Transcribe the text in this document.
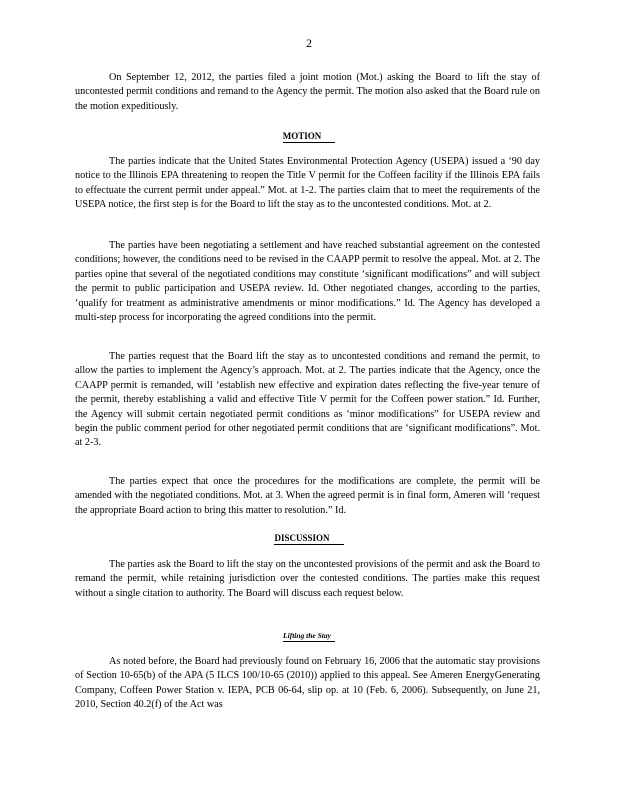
2

On September 12, 2012, the parties filed a joint motion (Mot.) asking the Board to lift the stay of uncontested permit conditions and remand to the Agency the permit. The motion also asked that the Board rule on the motion expeditiously.

MOTION

The parties indicate that the United States Environmental Protection Agency (USEPA) issued a ‘90 day notice to the Illinois EPA threatening to reopen the Title V permit for the Coffeen facility if the Illinois EPA fails to effectuate the current permit under appeal.” Mot. at 1-2. The parties claim that to meet the requirements of the USEPA notice, the first step is for the Board to lift the stay as to the uncontested conditions. Mot. at 2.

The parties have been negotiating a settlement and have reached substantial agreement on the contested conditions; however, the conditions need to be revised in the CAAPP permit to resolve the appeal. Mot. at 2. The parties opine that several of the negotiated conditions may constitute ‘significant modifications” and will subject the permit to public participation and USEPA review. Id. Other negotiated changes, according to the parties, ‘qualify for treatment as administrative amendments or minor modifications.” Id. The Agency has developed a multi-step process for incorporating the agreed conditions into the permit.

The parties request that the Board lift the stay as to uncontested conditions and remand the permit, to allow the parties to implement the Agency’s approach. Mot. at 2. The parties indicate that the Agency, once the CAAPP permit is remanded, will ‘establish new effective and expiration dates reflecting the five-year tenure of the permit, thereby establishing a valid and effective Title V permit for the Coffeen power station.” Id. Further, the Agency will submit certain negotiated permit conditions as ‘minor modifications” for USEPA review and begin the public comment period for other negotiated permit conditions that are ‘significant modifications”. Mot. at 2-3.

The parties expect that once the procedures for the modifications are complete, the permit will be amended with the negotiated conditions. Mot. at 3. When the agreed permit is in final form, Ameren will ‘request the appropriate Board action to bring this matter to resolution.” Id.

DISCUSSION

The parties ask the Board to lift the stay on the uncontested provisions of the permit and ask the Board to remand the permit, while retaining jurisdiction over the contested conditions. The parties make this request without a single citation to authority. The Board will discuss each request below.

Lifting the Stay

As noted before, the Board had previously found on February 16, 2006 that the automatic stay provisions of Section 10-65(b) of the APA (5 ILCS 100/10-65 (2010)) applied to this appeal. See Ameren EnergyGenerating Company, Coffeen Power Station v. IEPA, PCB 06-64, slip op. at 10 (Feb. 6, 2006). Subsequently, on June 21, 2010, Section 40.2(f) of the Act was
